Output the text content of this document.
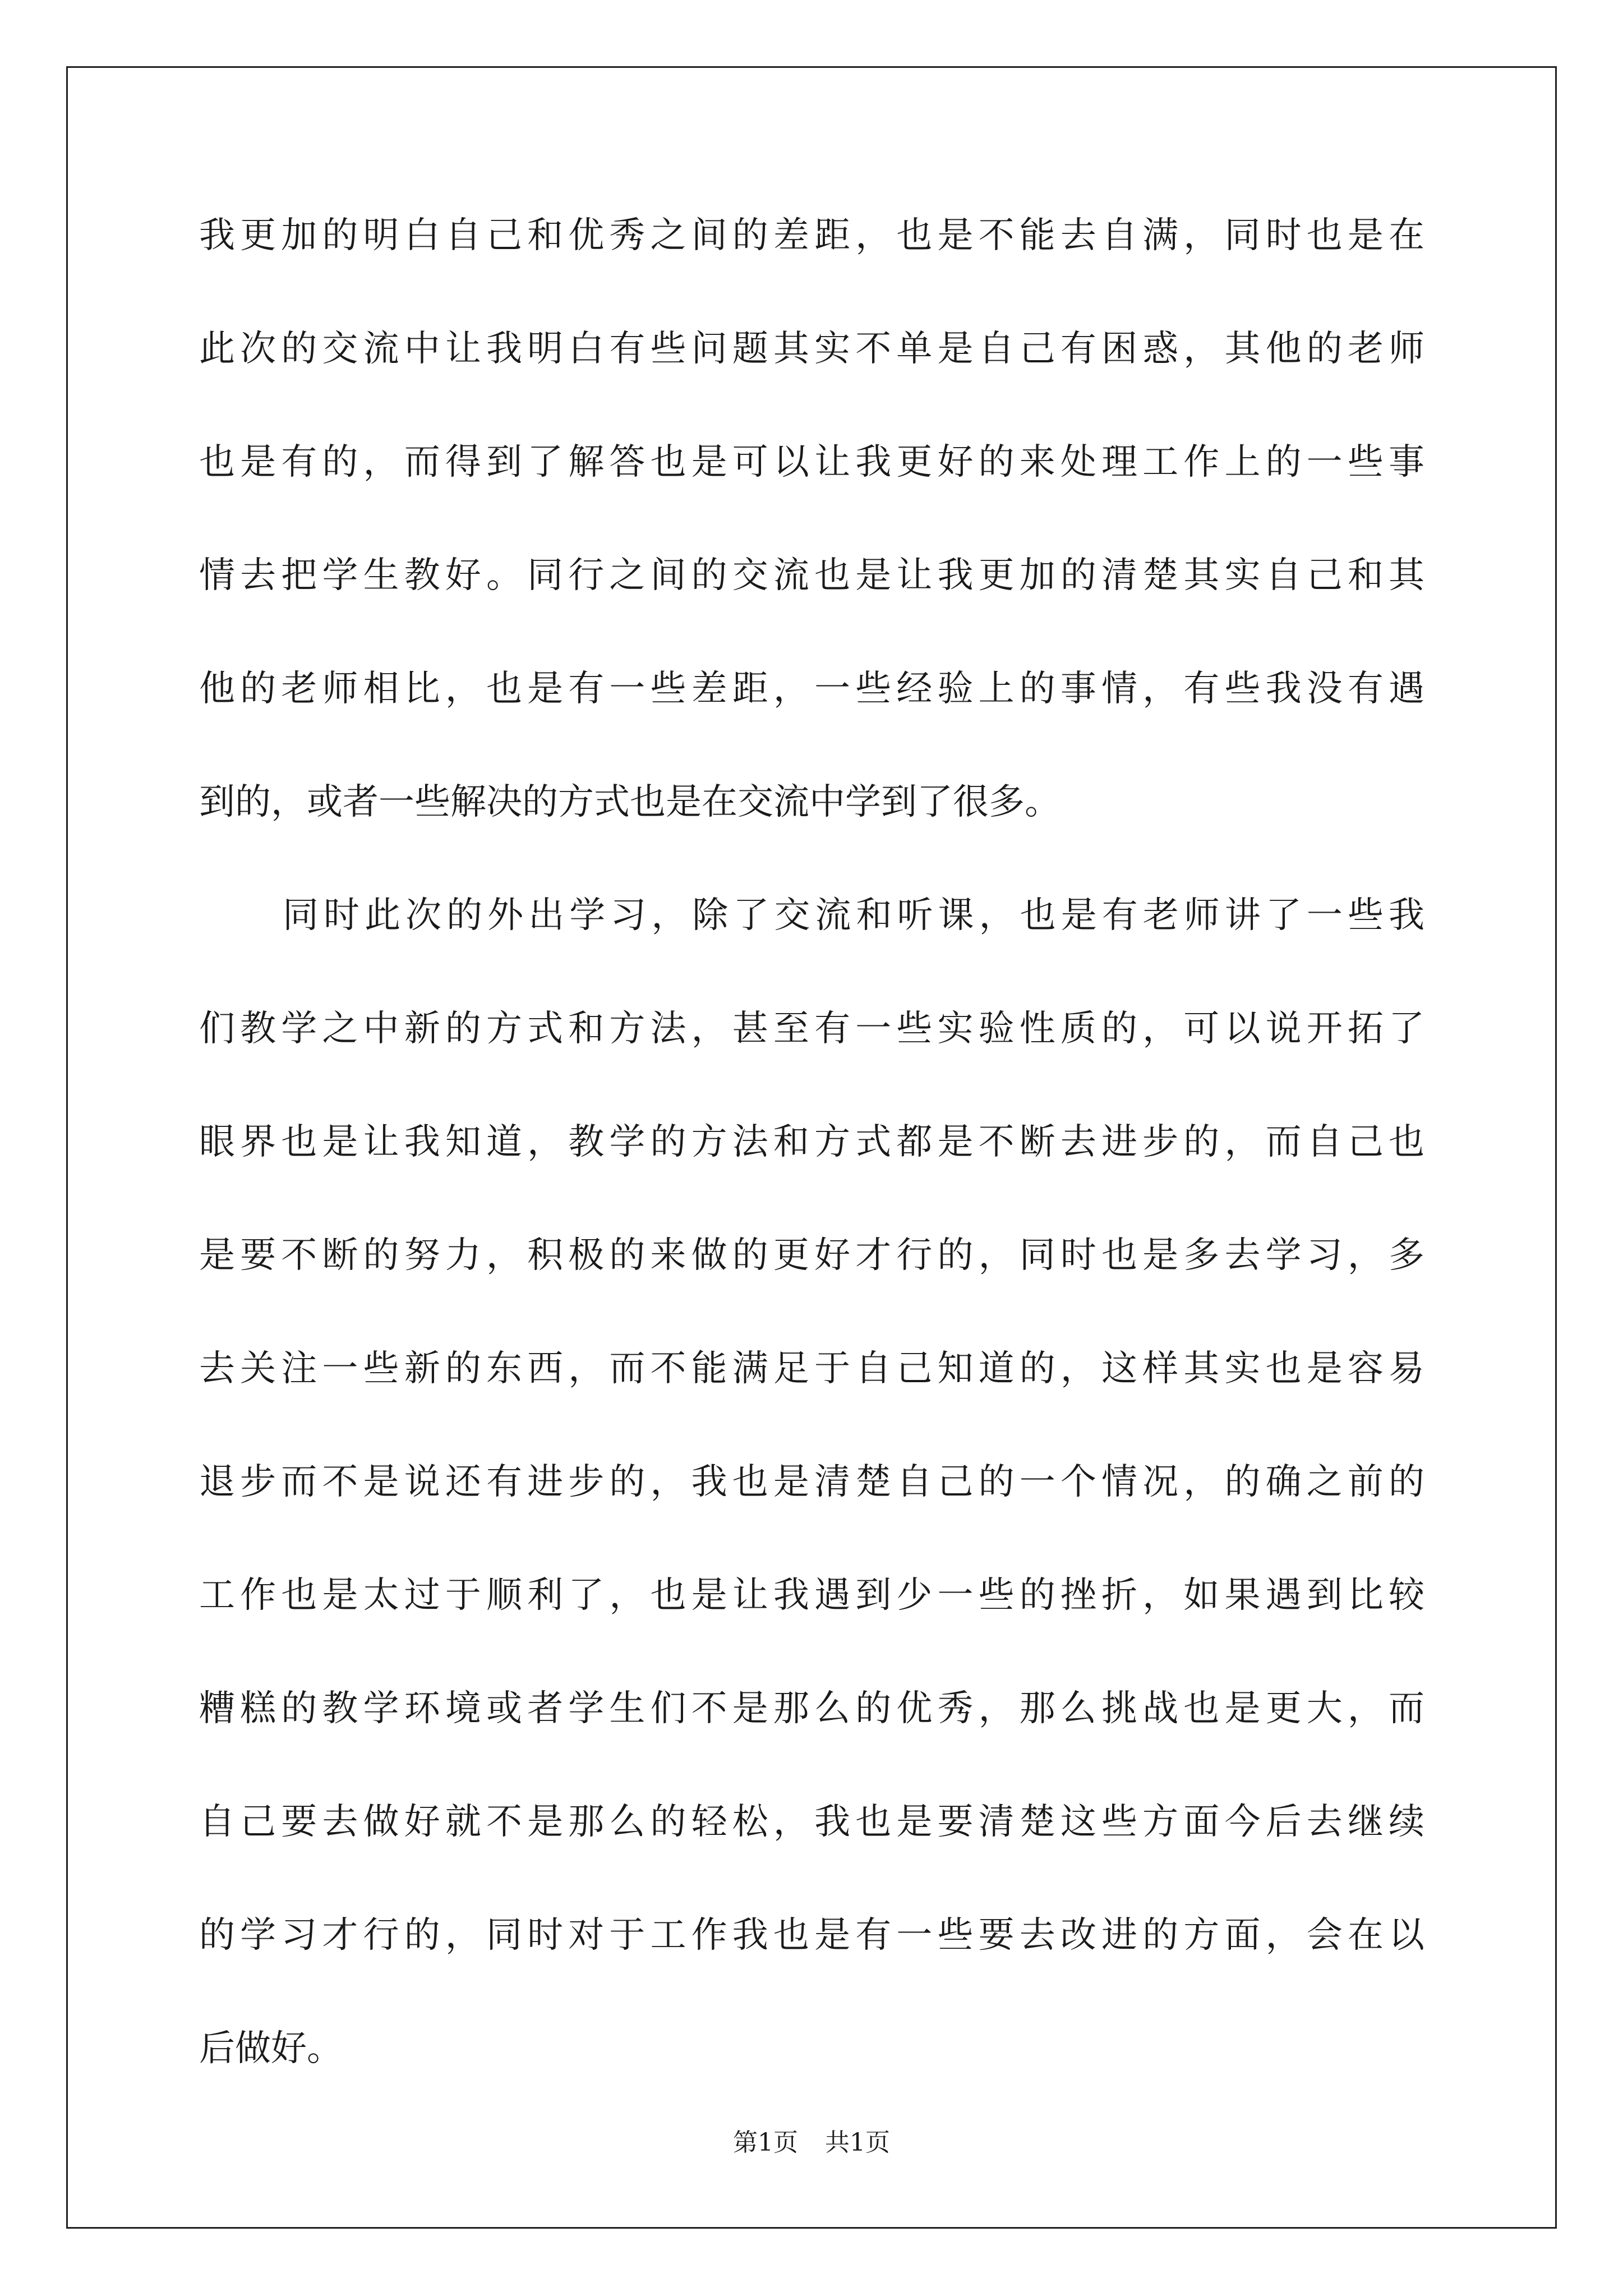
我更加的明白自己和优秀之间的差距，也是不能去自满，同时也是在
此次的交流中让我明白有些问题其实不单是自己有困惑，其他的老师
也是有的，而得到了解答也是可以让我更好的来处理工作上的一些事
情去把学生教好。同行之间的交流也是让我更加的清楚其实自己和其
他的老师相比，也是有一些差距，一些经验上的事情，有些我没有遇
到的，或者一些解决的方式也是在交流中学到了很多。
同时此次的外出学习，除了交流和听课，也是有老师讲了一些我
们教学之中新的方式和方法，甚至有一些实验性质的，可以说开拓了
眼界也是让我知道，教学的方法和方式都是不断去进步的，而自己也
是要不断的努力，积极的来做的更好才行的，同时也是多去学习，多
去关注一些新的东西，而不能满足于自己知道的，这样其实也是容易
退步而不是说还有进步的，我也是清楚自己的一个情况，的确之前的
工作也是太过于顺利了，也是让我遇到少一些的挫折，如果遇到比较
糟糕的教学环境或者学生们不是那么的优秀，那么挑战也是更大，而
自己要去做好就不是那么的轻松，我也是要清楚这些方面今后去继续
的学习才行的，同时对于工作我也是有一些要去改进的方面，会在以
后做好。
第1页 共1页
